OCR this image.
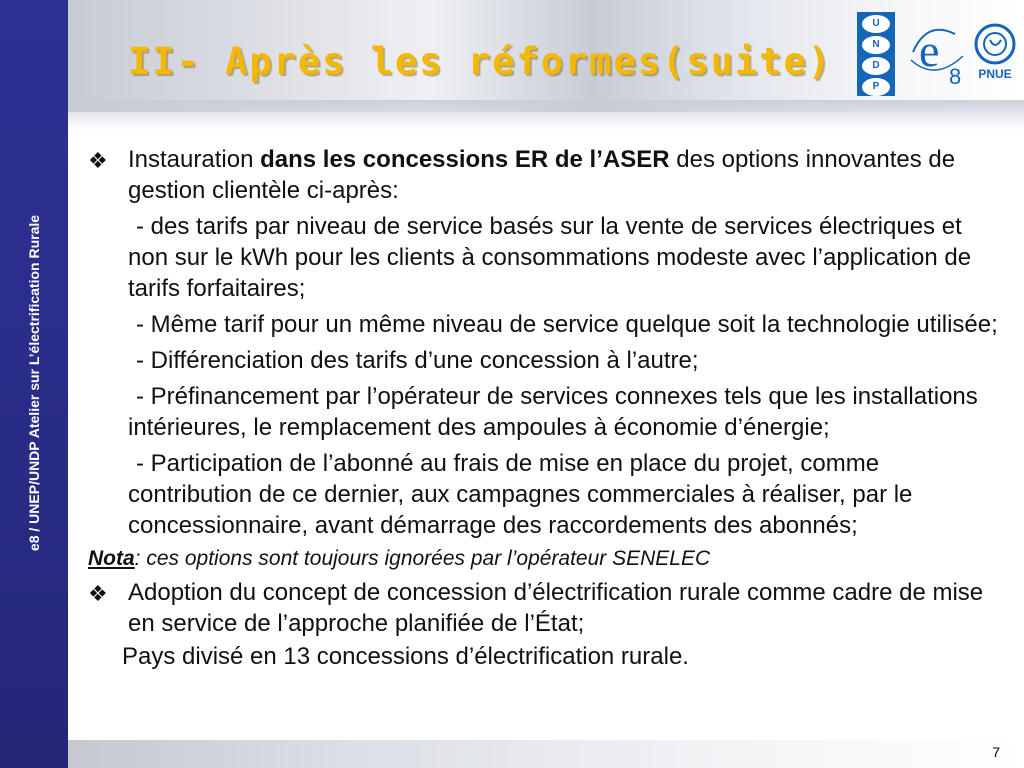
e8 / UNEP/UNDP Atelier sur L’électrification Rurale
II- Après les réformes(suite)
U
N
D
P
e
8 PNUE
❖ Instauration dans les concessions ER de l’ASER des options innovantes de gestion clientèle ci-après:
- des tarifs par niveau de service basés sur la vente de services électriques et non sur le kWh pour les clients à consommations modeste avec l’application de tarifs forfaitaires;
- Même tarif pour un même niveau de service quelque soit la technologie utilisée;
- Différenciation des tarifs d’une concession à l’autre;
- Préfinancement par l’opérateur de services connexes tels que les installations intérieures, le remplacement des ampoules à économie d’énergie;
- Participation de l’abonné au frais de mise en place du projet, comme contribution de ce dernier, aux campagnes commerciales à réaliser, par le concessionnaire, avant démarrage des raccordements des abonnés;
Nota: ces options sont toujours ignorées par l’opérateur SENELEC
❖ Adoption du concept de concession d’électrification rurale comme cadre de mise en service de l’approche planifiée de l’État;
Pays divisé en 13 concessions d’électrification rurale.
7
